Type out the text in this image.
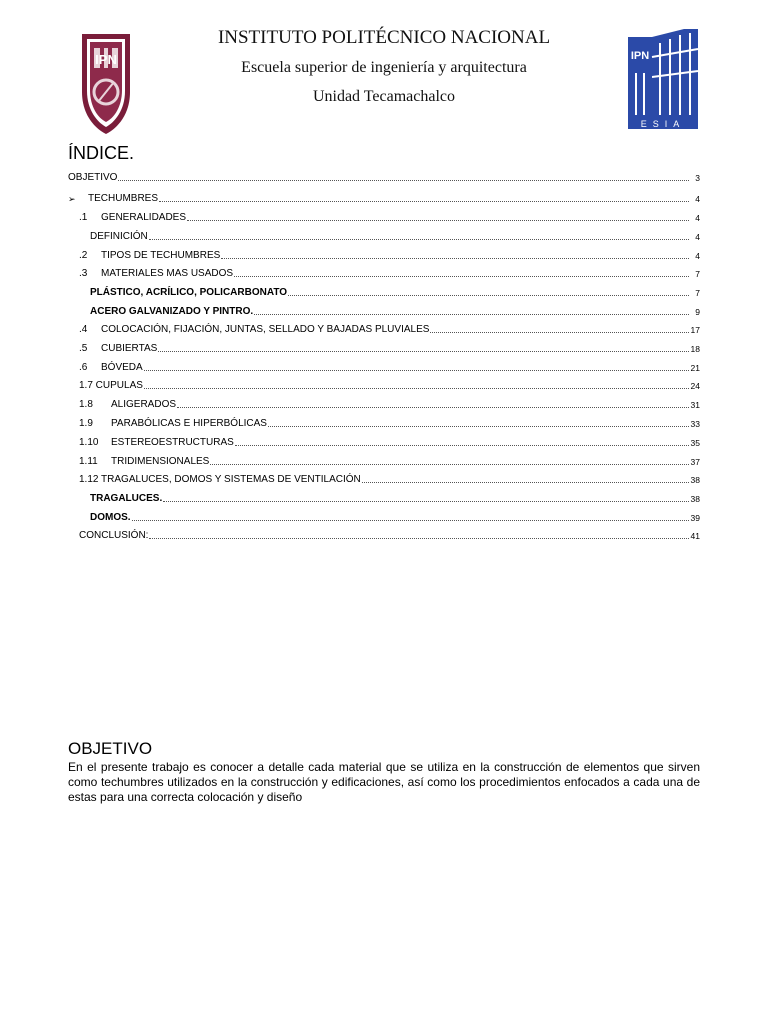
IPN
INSTITUTO POLITÉCNICO NACIONAL
Escuela superior de ingeniería y arquitectura
Unidad Tecamachalco
IPN
ESIA
ÍNDICE.
OBJETIVO	3
➢	TECHUMBRES	4
.1	GENERALIDADES	4
DEFINICIÓN	4
.2	TIPOS DE TECHUMBRES	4
.3	MATERIALES MAS USADOS	7
PLÁSTICO, ACRÍLICO, POLICARBONATO	7
ACERO GALVANIZADO Y PINTRO.	9
.4	COLOCACIÓN, FIJACIÓN, JUNTAS, SELLADO Y BAJADAS PLUVIALES	17
.5	CUBIERTAS	18
.6	BÓVEDA	21
1.7 CUPULAS	24
1.8	ALIGERADOS	31
1.9	PARABÓLICAS E HIPERBÓLICAS	33
1.10	ESTEREOESTRUCTURAS	35
1.11	TRIDIMENSIONALES	37
1.12 TRAGALUCES, DOMOS Y SISTEMAS DE VENTILACIÓN	38
TRAGALUCES.	38
DOMOS.	39
CONCLUSIÓN:	41
OBJETIVO
En el presente trabajo es conocer a detalle cada material que se utiliza en la construcción de elementos que sirven como techumbres utilizados en la construcción y edificaciones, así como los procedimientos enfocados a cada una de estas para una correcta colocación y diseño
